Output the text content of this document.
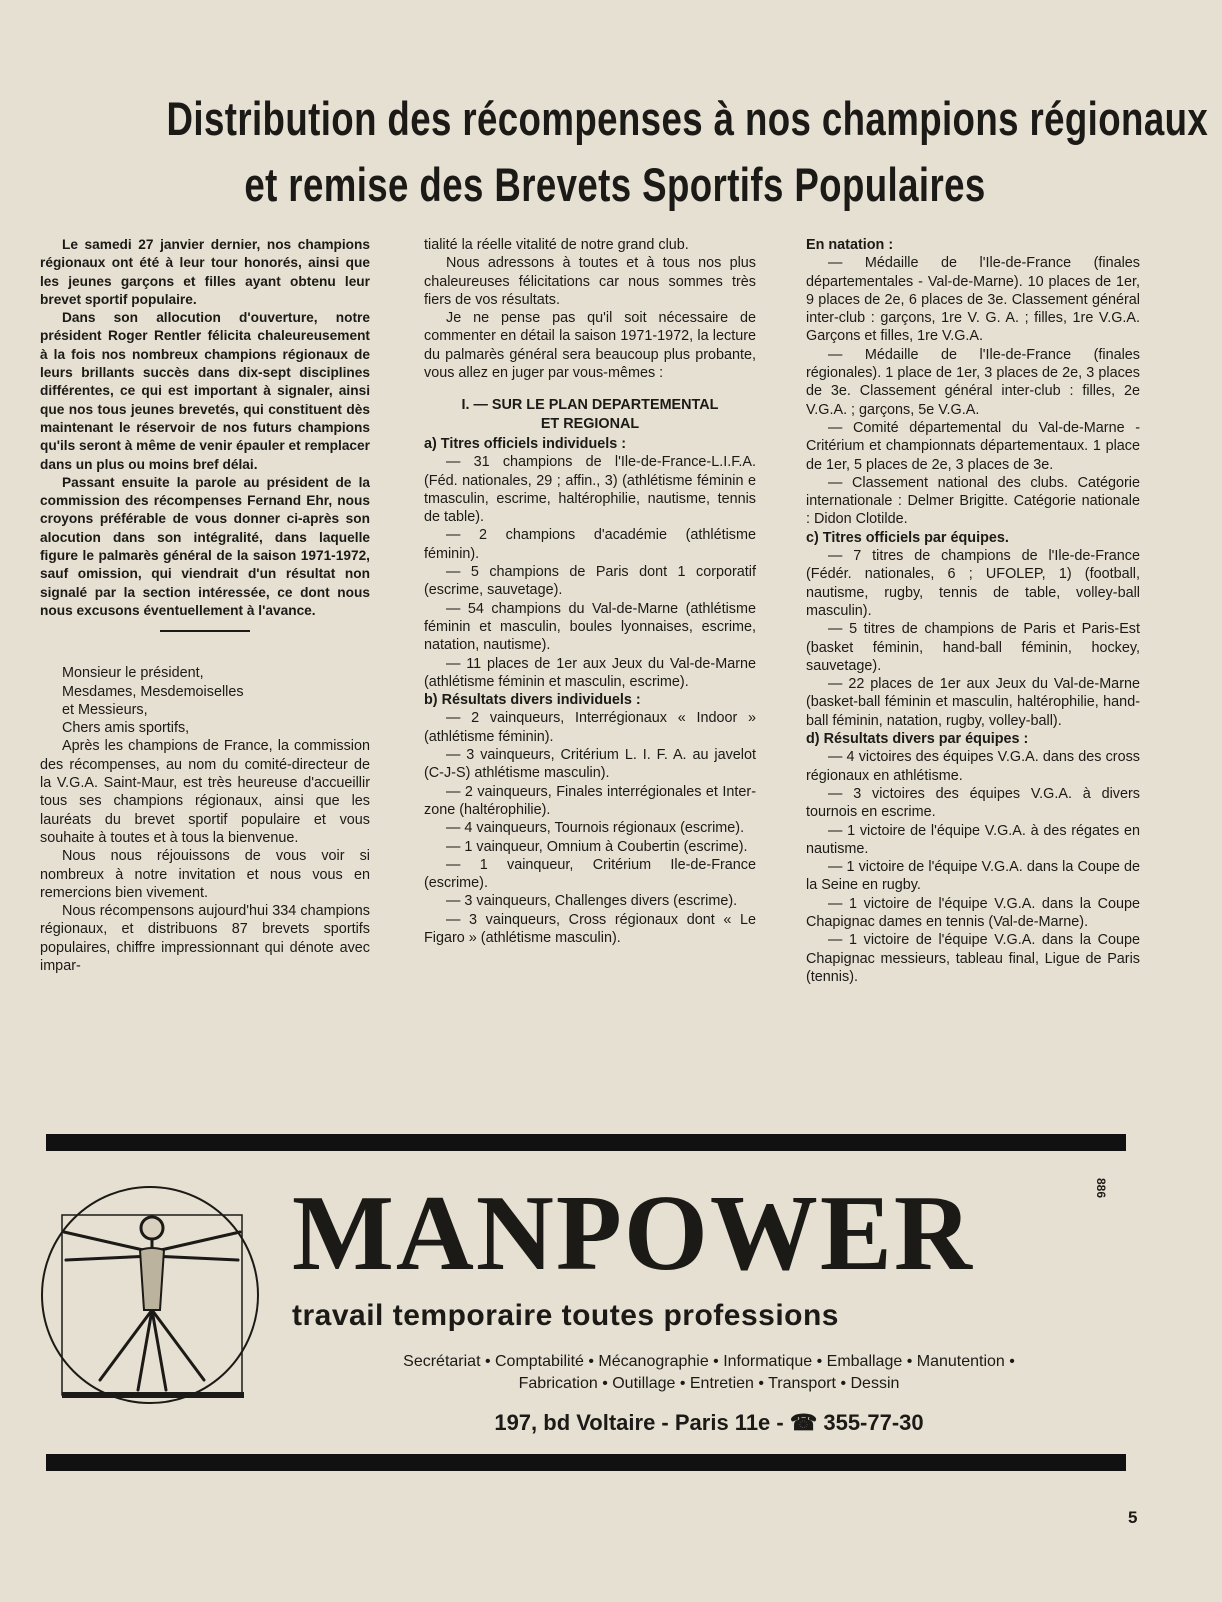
Distribution des récompenses à nos champions régionaux
et remise des Brevets Sportifs Populaires

Le samedi 27 janvier dernier, nos champions régionaux ont été à leur tour honorés, ainsi que les jeunes garçons et filles ayant obtenu leur brevet sportif populaire.

Dans son allocution d'ouverture, notre président Roger Rentler félicita chaleureusement à la fois nos nombreux champions régionaux de leurs brillants succès dans dix-sept disciplines différentes, ce qui est important à signaler, ainsi que nos tous jeunes brevetés, qui constituent dès maintenant le réservoir de nos futurs champions qu'ils seront à même de venir épauler et remplacer dans un plus ou moins bref délai.

Passant ensuite la parole au président de la commission des récompenses Fernand Ehr, nous croyons préférable de vous donner ci-après son alocution dans son intégralité, dans laquelle figure le palmarès général de la saison 1971-1972, sauf omission, qui viendrait d'un résultat non signalé par la section intéressée, ce dont nous nous excusons éventuellement à l'avance.

Monsieur le président,

Mesdames, Mesdemoiselles

et Messieurs,

Chers amis sportifs,

Après les champions de France, la commission des récompenses, au nom du comité-directeur de la V.G.A. Saint-Maur, est très heureuse d'accueillir tous ses champions régionaux, ainsi que les lauréats du brevet sportif populaire et vous souhaite à toutes et à tous la bienvenue.

Nous nous réjouissons de vous voir si nombreux à notre invitation et nous vous en remercions bien vivement.

Nous récompensons aujourd'hui 334 champions régionaux, et distribuons 87 brevets sportifs populaires, chiffre impressionnant qui dénote avec impar-

tialité la réelle vitalité de notre grand club.

Nous adressons à toutes et à tous nos plus chaleureuses félicitations car nous sommes très fiers de vos résultats.

Je ne pense pas qu'il soit nécessaire de commenter en détail la saison 1971-1972, la lecture du palmarès général sera beaucoup plus probante, vous allez en juger par vous-mêmes :

I. — SUR LE PLAN DEPARTEMENTAL
ET REGIONAL

a) Titres officiels individuels :

— 31 champions de l'Ile-de-France-L.I.F.A. (Féd. nationales, 29 ; affin., 3) (athlétisme féminin e tmasculin, escrime, haltérophilie, nautisme, tennis de table).

— 2 champions d'académie (athlétisme féminin).

— 5 champions de Paris dont 1 corporatif (escrime, sauvetage).

— 54 champions du Val-de-Marne (athlétisme féminin et masculin, boules lyonnaises, escrime, natation, nautisme).

— 11 places de 1er aux Jeux du Val-de-Marne (athlétisme féminin et masculin, escrime).

b) Résultats divers individuels :

— 2 vainqueurs, Interrégionaux « Indoor » (athlétisme féminin).

— 3 vainqueurs, Critérium L. I. F. A. au javelot (C-J-S) athlétisme masculin).

— 2 vainqueurs, Finales interrégionales et Inter-zone (haltérophilie).

— 4 vainqueurs, Tournois régionaux (escrime).

— 1 vainqueur, Omnium à Coubertin (escrime).

— 1 vainqueur, Critérium Ile-de-France (escrime).

— 3 vainqueurs, Challenges divers (escrime).

— 3 vainqueurs, Cross régionaux dont « Le Figaro » (athlétisme masculin).

En natation :

— Médaille de l'Ile-de-France (finales départementales - Val-de-Marne). 10 places de 1er, 9 places de 2e, 6 places de 3e. Classement général inter-club : garçons, 1re V. G. A. ; filles, 1re V.G.A. Garçons et filles, 1re V.G.A.

— Médaille de l'Ile-de-France (finales régionales). 1 place de 1er, 3 places de 2e, 3 places de 3e. Classement général inter-club : filles, 2e V.G.A. ; garçons, 5e V.G.A.

— Comité départemental du Val-de-Marne - Critérium et championnats départementaux. 1 place de 1er, 5 places de 2e, 3 places de 3e.

— Classement national des clubs. Catégorie internationale : Delmer Brigitte. Catégorie nationale : Didon Clotilde.

c) Titres officiels par équipes.

— 7 titres de champions de l'Ile-de-France (Fédér. nationales, 6 ; UFOLEP, 1) (football, nautisme, rugby, tennis de table, volley-ball masculin).

— 5 titres de champions de Paris et Paris-Est (basket féminin, hand-ball féminin, hockey, sauvetage).

— 22 places de 1er aux Jeux du Val-de-Marne (basket-ball féminin et masculin, haltérophilie, hand-ball féminin, natation, rugby, volley-ball).

d) Résultats divers par équipes :

— 4 victoires des équipes V.G.A. dans des cross régionaux en athlétisme.

— 3 victoires des équipes V.G.A. à divers tournois en escrime.

— 1 victoire de l'équipe V.G.A. à des régates en nautisme.

— 1 victoire de l'équipe V.G.A. dans la Coupe de la Seine en rugby.

— 1 victoire de l'équipe V.G.A. dans la Coupe Chapignac dames en tennis (Val-de-Marne).

— 1 victoire de l'équipe V.G.A. dans la Coupe Chapignac messieurs, tableau final, Ligue de Paris (tennis).

MANPOWER
travail temporaire toutes professions
Secrétariat • Comptabilité • Mécanographie • Informatique • Emballage • Manutention •
Fabrication • Outillage • Entretien • Transport • Dessin
197, bd Voltaire - Paris 11e - ☎ 355-77-30
886
5
